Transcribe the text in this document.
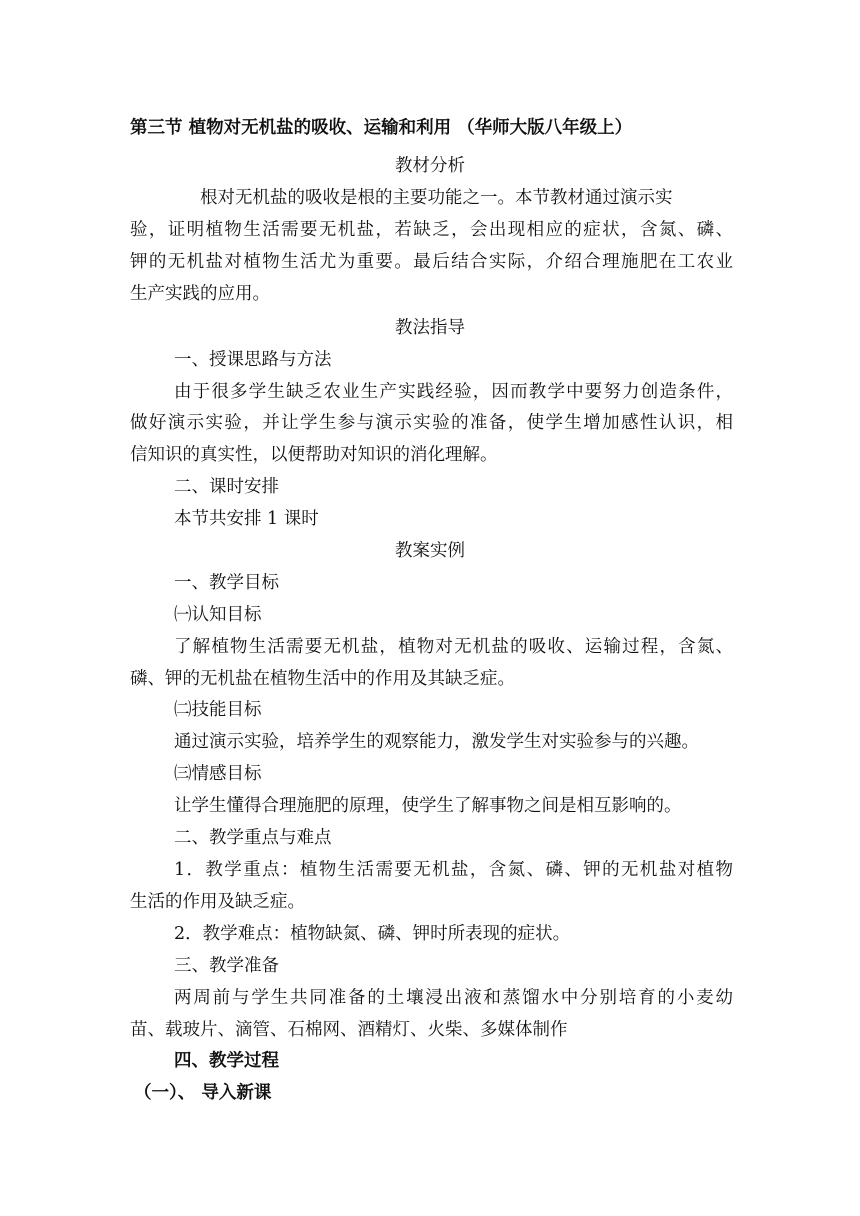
第三节 植物对无机盐的吸收、运输和利用 （华师大版八年级上）
教材分析
根对无机盐的吸收是根的主要功能之一。本节教材通过演示实
验，证明植物生活需要无机盐，若缺乏，会出现相应的症状，含氮、磷、
钾的无机盐对植物生活尤为重要。最后结合实际，介绍合理施肥在工农业
生产实践的应用。
教法指导
一、授课思路与方法
由于很多学生缺乏农业生产实践经验，因而教学中要努力创造条件，
做好演示实验，并让学生参与演示实验的准备，使学生增加感性认识，相
信知识的真实性，以便帮助对知识的消化理解。
二、课时安排
本节共安排 1 课时
教案实例
一、教学目标
㈠认知目标
了解植物生活需要无机盐，植物对无机盐的吸收、运输过程，含氮、
磷、钾的无机盐在植物生活中的作用及其缺乏症。
㈡技能目标
通过演示实验，培养学生的观察能力，激发学生对实验参与的兴趣。
㈢情感目标
让学生懂得合理施肥的原理，使学生了解事物之间是相互影响的。
二、教学重点与难点
1．教学重点：植物生活需要无机盐，含氮、磷、钾的无机盐对植物
生活的作用及缺乏症。
2．教学难点：植物缺氮、磷、钾时所表现的症状。
三、教学准备
两周前与学生共同准备的土壤浸出液和蒸馏水中分别培育的小麦幼
苗、载玻片、滴管、石棉网、酒精灯、火柴、多媒体制作
四、教学过程
（一）、 导入新课
